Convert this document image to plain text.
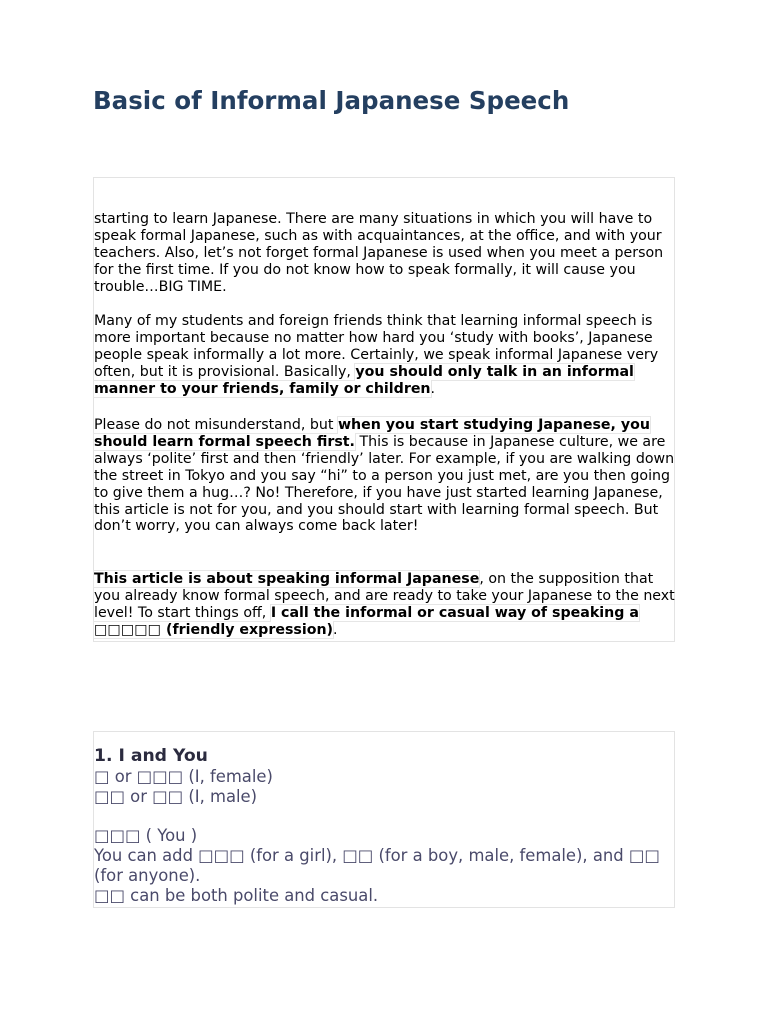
Basic of Informal Japanese Speech

starting to learn Japanese. There are many situations in which you will have to speak formal Japanese, such as with acquaintances, at the office, and with your teachers. Also, let’s not forget formal Japanese is used when you meet a person for the first time. If you do not know how to speak formally, it will cause you trouble…BIG TIME.

Many of my students and foreign friends think that learning informal speech is more important because no matter how hard you ‘study with books’, Japanese people speak informally a lot more. Certainly, we speak informal Japanese very often, but it is provisional. Basically, you should only talk in an informal manner to your friends, family or children.

Please do not misunderstand, but when you start studying Japanese, you should learn formal speech first. This is because in Japanese culture, we are always ‘polite’ first and then ‘friendly’ later. For example, if you are walking down the street in Tokyo and you say “hi” to a person you just met, are you then going to give them a hug…? No! Therefore, if you have just started learning Japanese, this article is not for you, and you should start with learning formal speech. But don’t worry, you can always come back later!

This article is about speaking informal Japanese, on the supposition that you already know formal speech, and are ready to take your Japanese to the next level! To start things off, I call the informal or casual way of speaking a □□□□□ (friendly expression).

1. I and You
□ or □□□ (I, female)
□□ or □□ (I, male)
□□□ ( You )
You can add □□□ (for a girl), □□ (for a boy, male, female), and □□ (for anyone).
□□ can be both polite and casual.
